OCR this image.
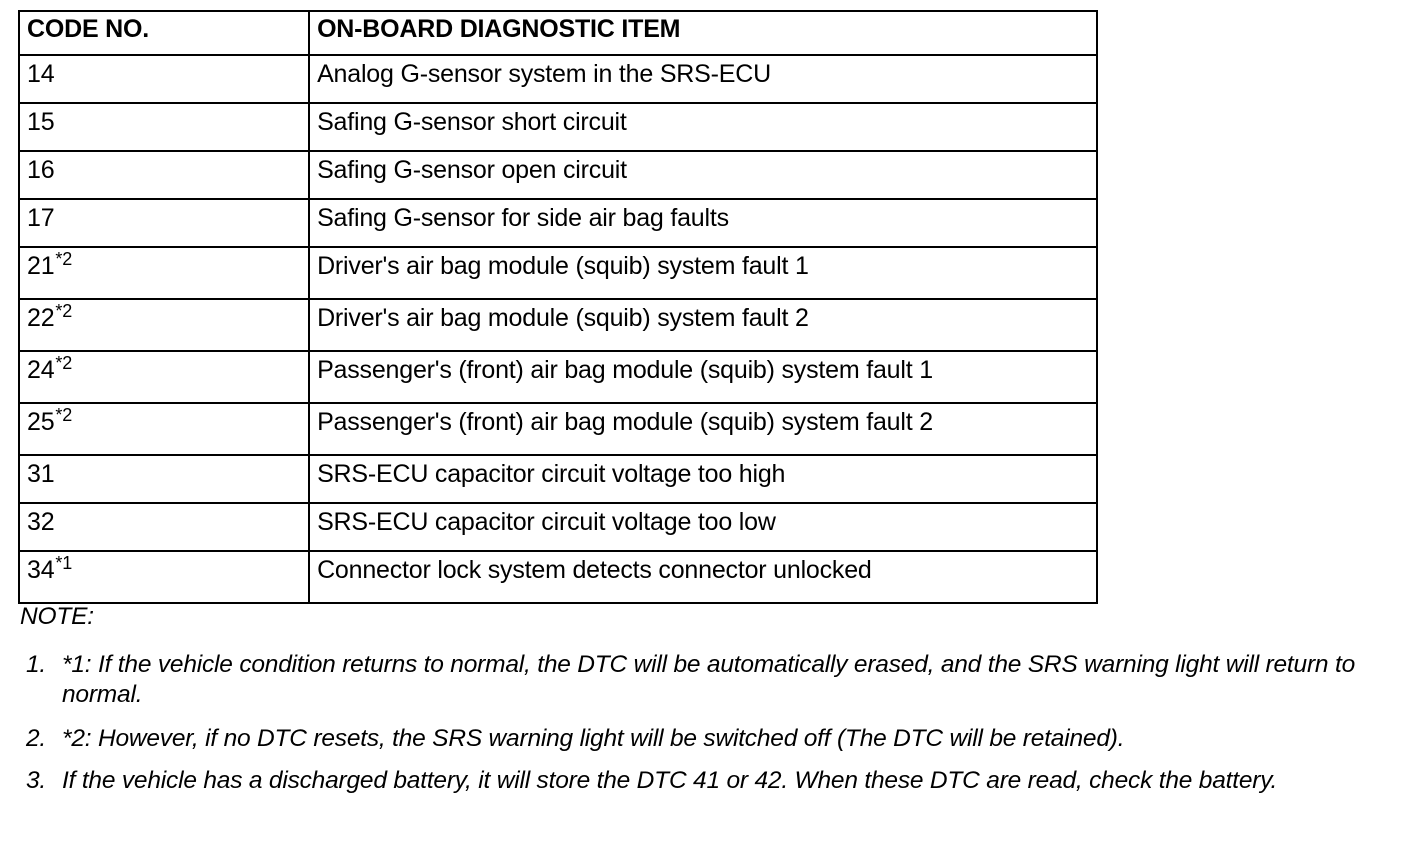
CODE NO.	ON-BOARD DIAGNOSTIC ITEM
14	Analog G-sensor system in the SRS-ECU
15	Safing G-sensor short circuit
16	Safing G-sensor open circuit
17	Safing G-sensor for side air bag faults
21$^{*2}$	Driver's air bag module (squib) system fault 1
22$^{*2}$	Driver's air bag module (squib) system fault 2
24$^{*2}$	Passenger's (front) air bag module (squib) system fault 1
25$^{*2}$	Passenger's (front) air bag module (squib) system fault 2
31	SRS-ECU capacitor circuit voltage too high
32	SRS-ECU capacitor circuit voltage too low
34$^{*1}$	Connector lock system detects connector unlocked
NOTE:
1. *1: If the vehicle condition returns to normal, the DTC will be automatically erased, and the SRS warning light will return to normal.
2. *2: However, if no DTC resets, the SRS warning light will be switched off (The DTC will be retained).
3. If the vehicle has a discharged battery, it will store the DTC 41 or 42. When these DTC are read, check the battery.
